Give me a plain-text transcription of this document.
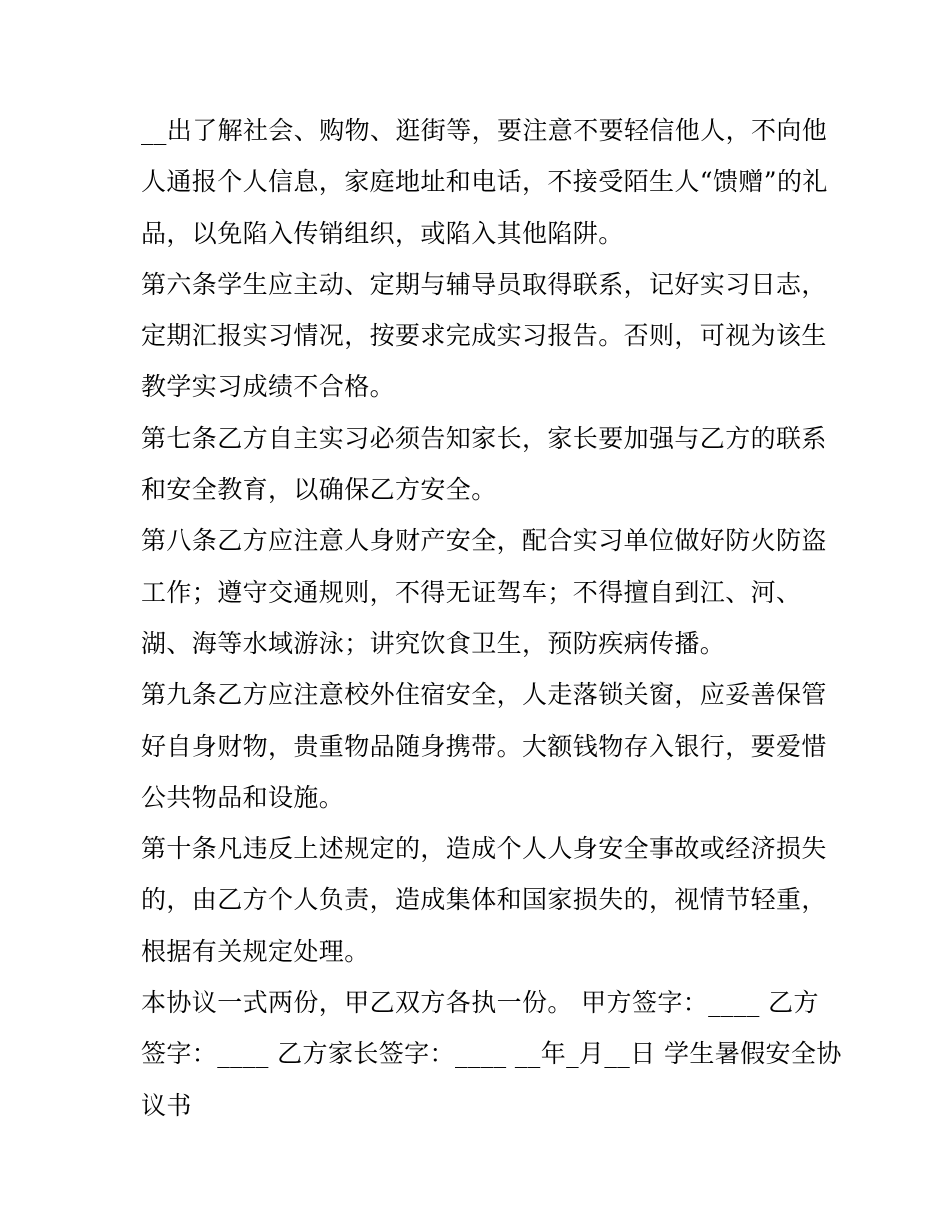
__出了解社会、购物、逛街等，要注意不要轻信他人，不向他
人通报个人信息，家庭地址和电话，不接受陌生人“馈赠”的礼
品，以免陷入传销组织，或陷入其他陷阱。
第六条学生应主动、定期与辅导员取得联系，记好实习日志，
定期汇报实习情况，按要求完成实习报告。否则，可视为该生
教学实习成绩不合格。
第七条乙方自主实习必须告知家长，家长要加强与乙方的联系
和安全教育，以确保乙方安全。
第八条乙方应注意人身财产安全，配合实习单位做好防火防盗
工作；遵守交通规则，不得无证驾车；不得擅自到江、河、
湖、海等水域游泳；讲究饮食卫生，预防疾病传播。
第九条乙方应注意校外住宿安全，人走落锁关窗，应妥善保管
好自身财物，贵重物品随身携带。大额钱物存入银行，要爱惜
公共物品和设施。
第十条凡违反上述规定的，造成个人人身安全事故或经济损失
的，由乙方个人负责，造成集体和国家损失的，视情节轻重，
根据有关规定处理。
本协议一式两份，甲乙双方各执一份。 甲方签字：____ 乙方
签字：____ 乙方家长签字：____ __年_月__日 学生暑假安全协
议书
